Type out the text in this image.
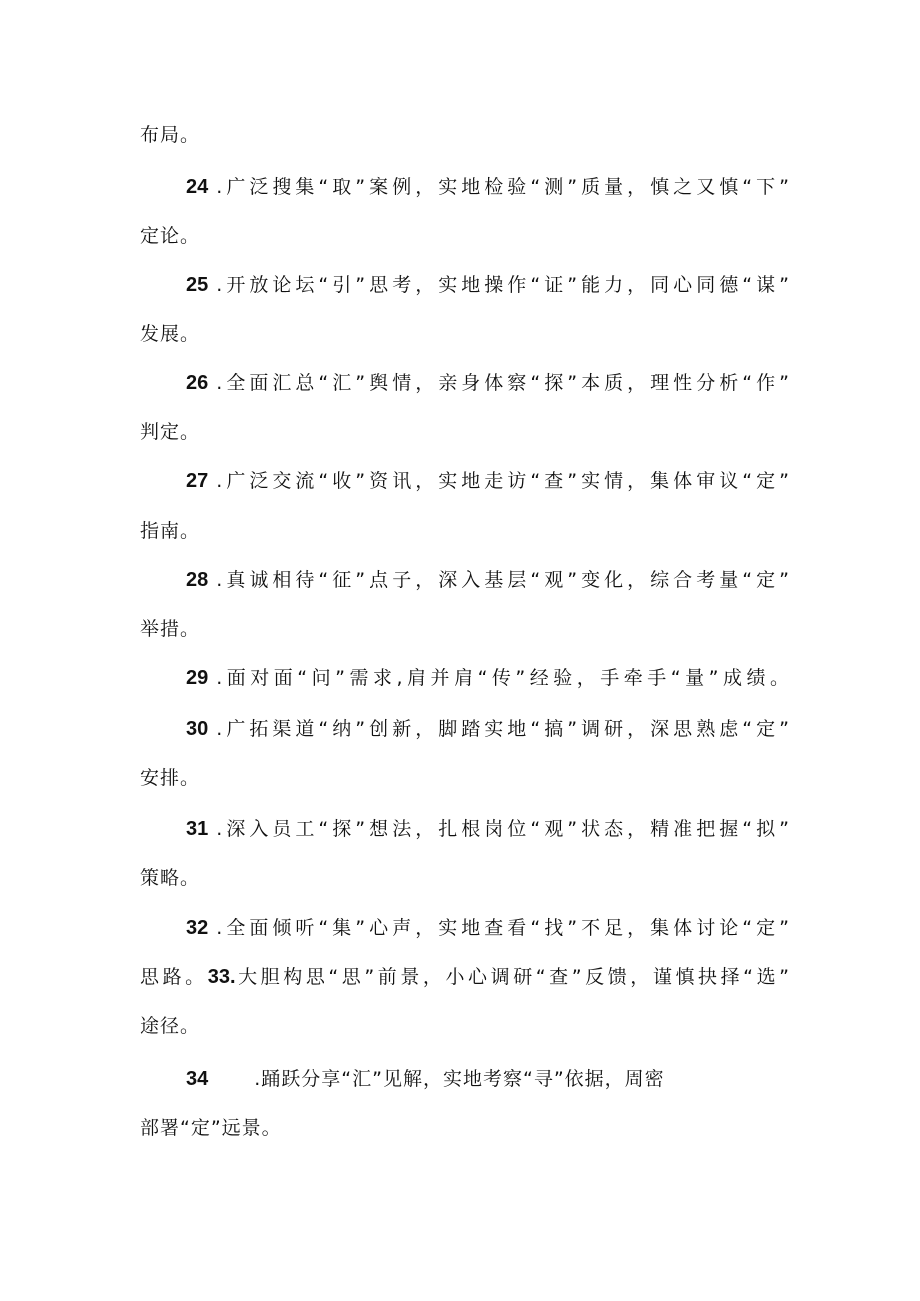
布局。
24 .广泛搜集“取”案例，实地检验“测”质量，慎之又慎“下”
定论。
25 .开放论坛“引”思考，实地操作“证”能力，同心同德“谋”
发展。
26 .全面汇总“汇”舆情，亲身体察“探”本质，理性分析“作”
判定。
27 .广泛交流“收”资讯，实地走访“查”实情，集体审议“定”
指南。
28 .真诚相待“征”点子，深入基层“观”变化，综合考量“定”
举措。
29 .面对面“问”需求,肩并肩“传”经验，手牵手“量”成绩。
30 .广拓渠道“纳”创新，脚踏实地“搞”调研，深思熟虑“定”
安排。
31 .深入员工“探”想法，扎根岗位“观”状态，精准把握“拟”
策略。
32 .全面倾听“集”心声，实地查看“找”不足，集体讨论“定”
思路。33.大胆构思“思”前景，小心调研“查”反馈，谨慎抉择“选”
途径。
34 .踊跃分享“汇”见解，实地考察“寻”依据，周密
部署“定”远景。
